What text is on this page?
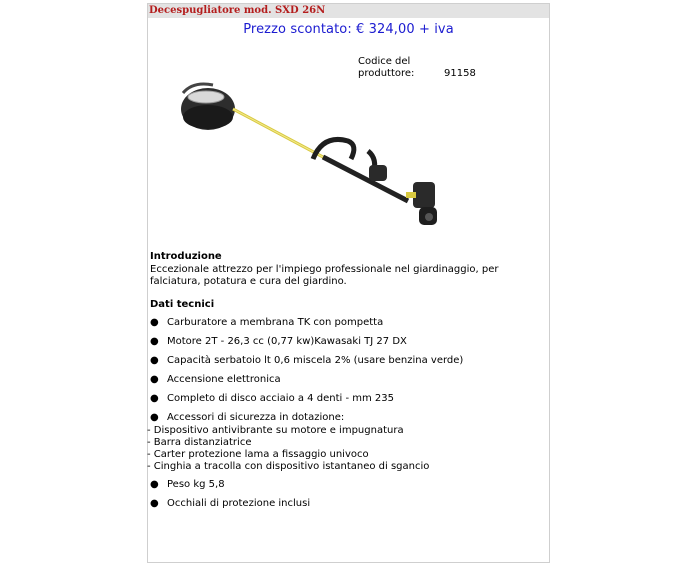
Decespugliatore mod. SXD 26N
Prezzo scontato: € 324,00 + iva
Codice del
produttore:	91158
Introduzione
Eccezionale attrezzo per l'impiego professionale nel giardinaggio, per
falciatura, potatura e cura del giardino.
Dati tecnici
● Carburatore a membrana TK con pompetta
● Motore 2T - 26,3 cc (0,77 kw)Kawasaki TJ 27 DX
● Capacità serbatoio lt 0,6 miscela 2% (usare benzina verde)
● Accensione elettronica
● Completo di disco acciaio a 4 denti - mm 235
● Accessori di sicurezza in dotazione:
- Dispositivo antivibrante su motore e impugnatura
- Barra distanziatrice
- Carter protezione lama a fissaggio univoco
- Cinghia a tracolla con dispositivo istantaneo di sgancio
● Peso kg 5,8
● Occhiali di protezione inclusi
